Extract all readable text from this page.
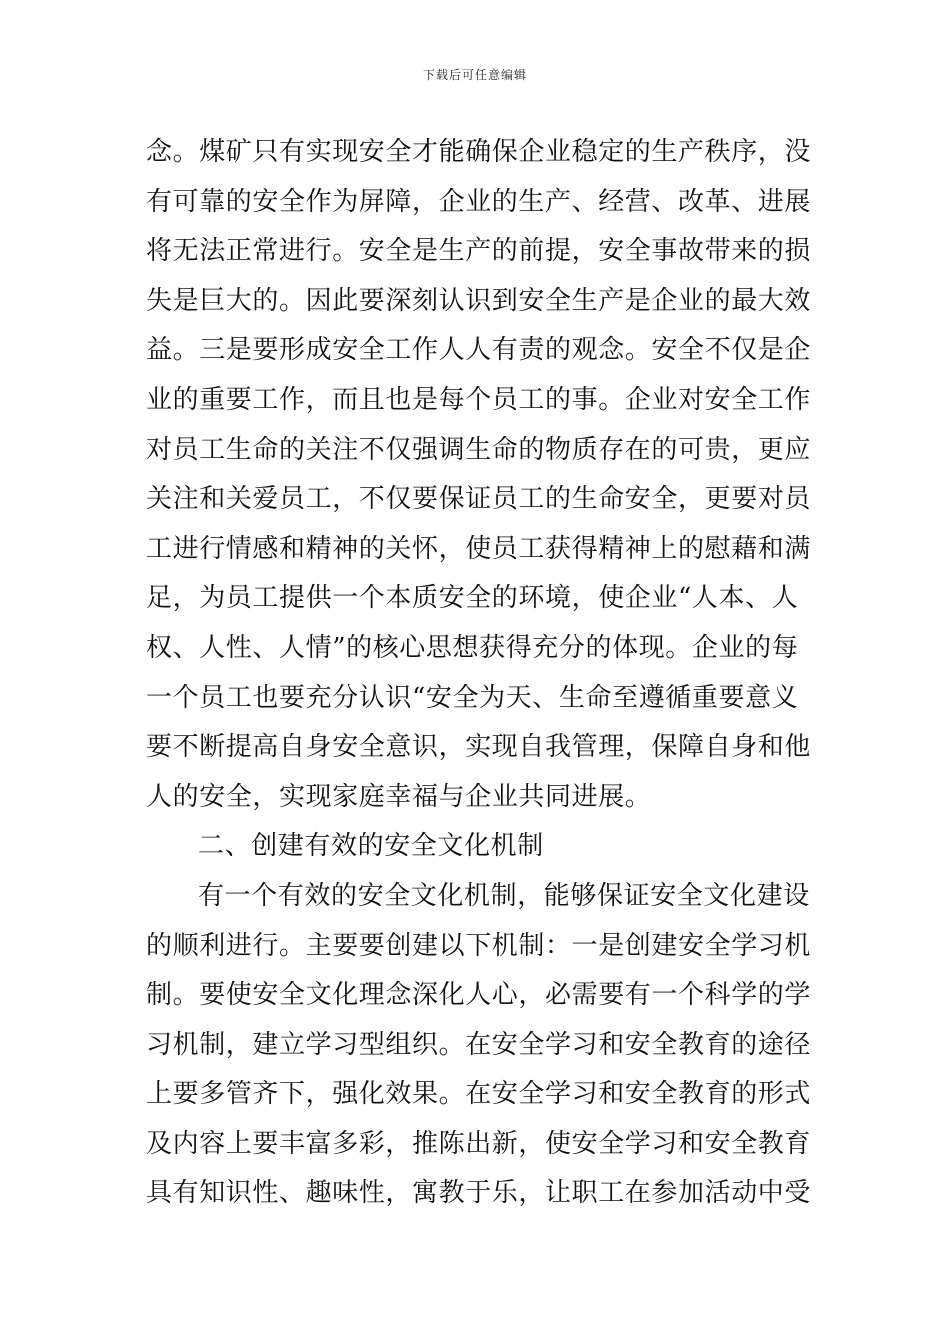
下载后可任意编辑
念。煤矿只有实现安全才能确保企业稳定的生产秩序，没
有可靠的安全作为屏障，企业的生产、经营、改革、进展
将无法正常进行。安全是生产的前提，安全事故带来的损
失是巨大的。因此要深刻认识到安全生产是企业的最大效
益。三是要形成安全工作人人有责的观念。安全不仅是企
业的重要工作，而且也是每个员工的事。企业对安全工作
对员工生命的关注不仅强调生命的物质存在的可贵，更应
关注和关爱员工，不仅要保证员工的生命安全，更要对员
工进行情感和精神的关怀，使员工获得精神上的慰藉和满
足，为员工提供一个本质安全的环境，使企业“人本、人
权、人性、人情”的核心思想获得充分的体现。企业的每
一个员工也要充分认识“安全为天、生命至遵循重要意义
要不断提高自身安全意识，实现自我管理，保障自身和他
人的安全，实现家庭幸福与企业共同进展。
二、创建有效的安全文化机制
有一个有效的安全文化机制，能够保证安全文化建设
的顺利进行。主要要创建以下机制：一是创建安全学习机
制。要使安全文化理念深化人心，必需要有一个科学的学
习机制，建立学习型组织。在安全学习和安全教育的途径
上要多管齐下，强化效果。在安全学习和安全教育的形式
及内容上要丰富多彩，推陈出新，使安全学习和安全教育
具有知识性、趣味性，寓教于乐，让职工在参加活动中受
